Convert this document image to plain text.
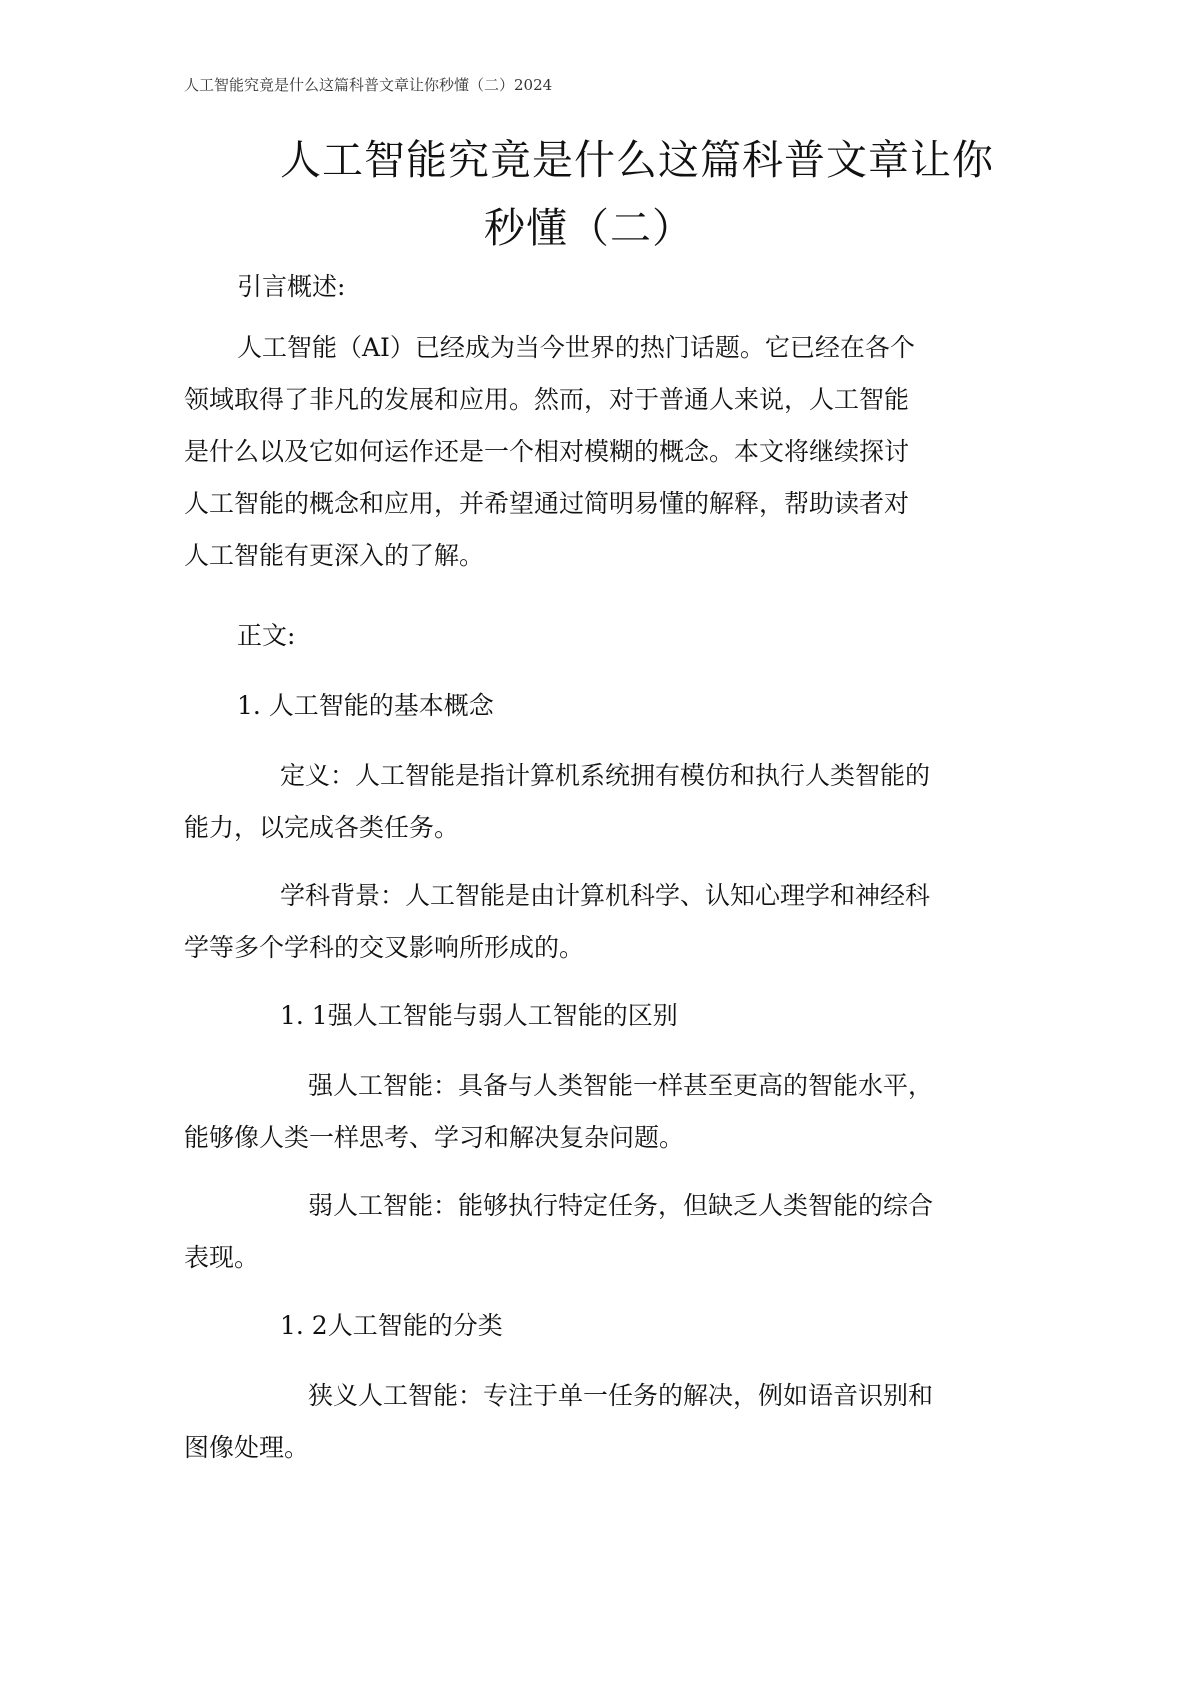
人工智能究竟是什么这篇科普文章让你秒懂（二）2024
人工智能究竟是什么这篇科普文章让你
秒懂（二）

引言概述:

人工智能（AI）已经成为当今世界的热门话题。它已经在各个

领域取得了非凡的发展和应用。然而，对于普通人来说，人工智能

是什么以及它如何运作还是一个相对模糊的概念。本文将继续探讨

人工智能的概念和应用，并希望通过简明易懂的解释，帮助读者对

人工智能有更深入的了解。

正文:

1. 人工智能的基本概念

定义：人工智能是指计算机系统拥有模仿和执行人类智能的

能力，以完成各类任务。

学科背景：人工智能是由计算机科学、认知心理学和神经科

学等多个学科的交叉影响所形成的。

1. 1强人工智能与弱人工智能的区别

强人工智能：具备与人类智能一样甚至更高的智能水平，

能够像人类一样思考、学习和解决复杂问题。

弱人工智能：能够执行特定任务，但缺乏人类智能的综合

表现。

1. 2人工智能的分类

狭义人工智能：专注于单一任务的解决，例如语音识别和

图像处理。
